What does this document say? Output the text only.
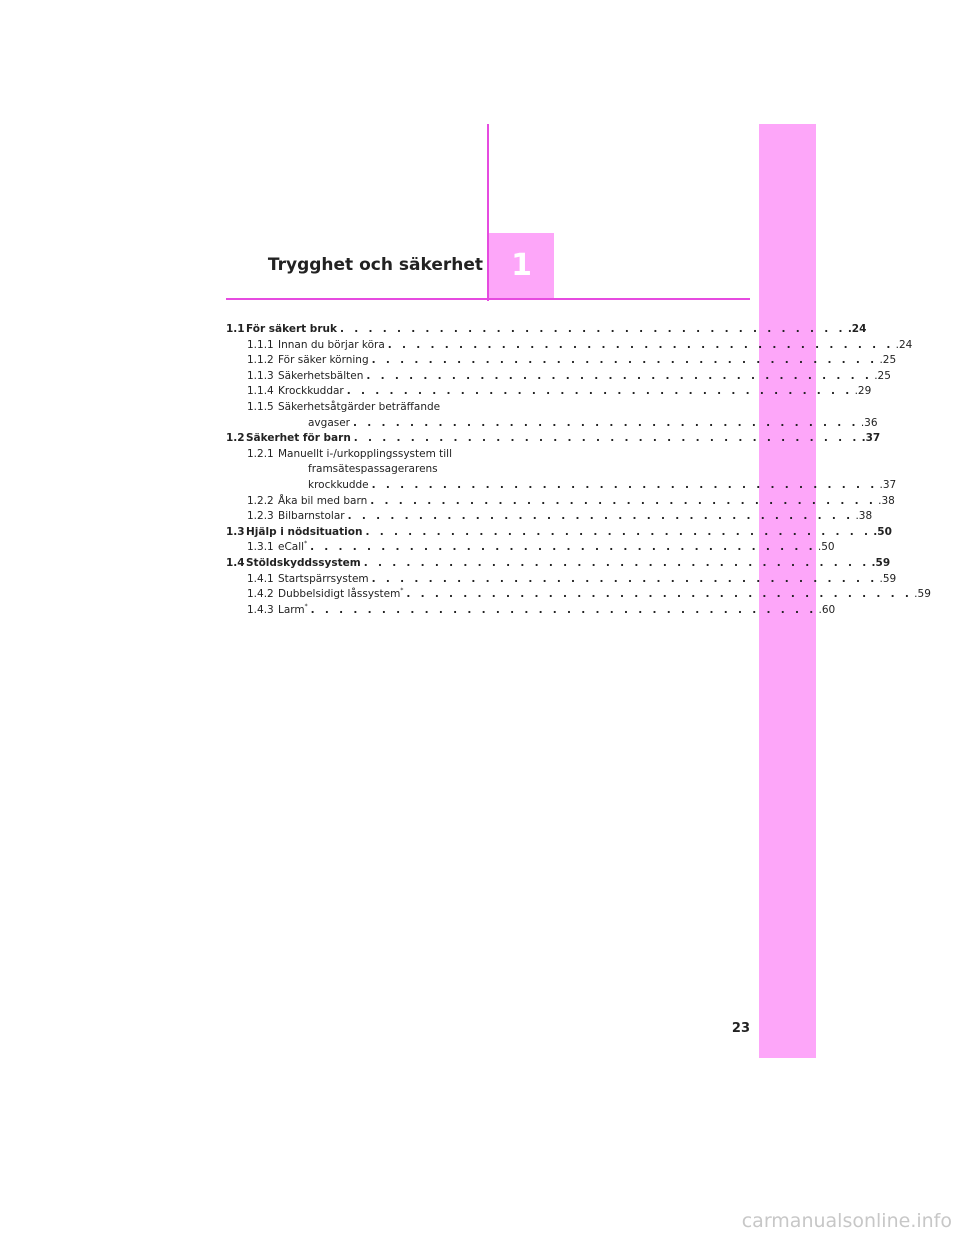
Trygghet och säkerhet 1
1.1 För säkert bruk . . . . . . . . . . . . . . . . . . . . . . . . . . . . . . . . . . . . .24
1.1.1 Innan du börjar köra . . . . . . . . . . . . . . . . . . . . . . . . . . . . . . . . . . . . .24
1.1.2 För säker körning . . . . . . . . . . . . . . . . . . . . . . . . . . . . . . . . . . . . .25
1.1.3 Säkerhetsbälten . . . . . . . . . . . . . . . . . . . . . . . . . . . . . . . . . . . . .25
1.1.4 Krockkuddar . . . . . . . . . . . . . . . . . . . . . . . . . . . . . . . . . . . . .29
1.1.5 Säkerhetsåtgärder beträffande
avgaser . . . . . . . . . . . . . . . . . . . . . . . . . . . . . . . . . . . . .36
1.2 Säkerhet för barn . . . . . . . . . . . . . . . . . . . . . . . . . . . . . . . . . . . . .37
1.2.1 Manuellt i-/urkopplingssystem till
framsätespassagerarens
krockkudde . . . . . . . . . . . . . . . . . . . . . . . . . . . . . . . . . . . . .37
1.2.2 Åka bil med barn . . . . . . . . . . . . . . . . . . . . . . . . . . . . . . . . . . . . .38
1.2.3 Bilbarnstolar . . . . . . . . . . . . . . . . . . . . . . . . . . . . . . . . . . . . .38
1.3 Hjälp i nödsituation . . . . . . . . . . . . . . . . . . . . . . . . . . . . . . . . . . . . .50
1.3.1 eCall* . . . . . . . . . . . . . . . . . . . . . . . . . . . . . . . . . . . . .50
1.4 Stöldskyddssystem . . . . . . . . . . . . . . . . . . . . . . . . . . . . . . . . . . . . .59
1.4.1 Startspärrsystem . . . . . . . . . . . . . . . . . . . . . . . . . . . . . . . . . . . . .59
1.4.2 Dubbelsidigt låssystem* . . . . . . . . . . . . . . . . . . . . . . . . . . . . . . . . . . . . .59
1.4.3 Larm* . . . . . . . . . . . . . . . . . . . . . . . . . . . . . . . . . . . . .60
23
carmanualsonline.info
